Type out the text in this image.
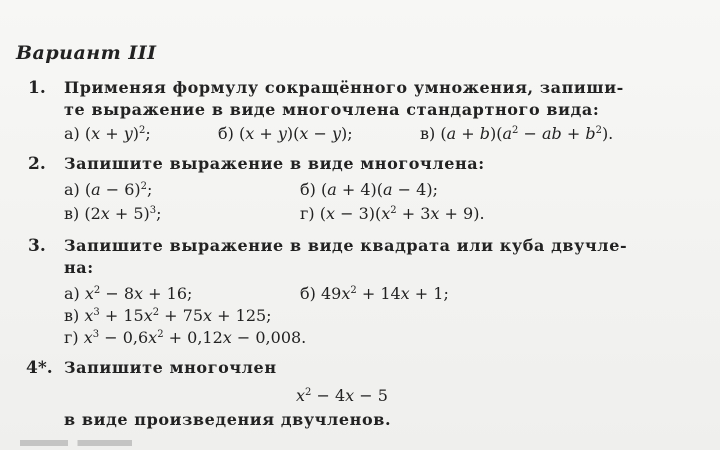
Вариант III
1. Применяя формулу сокращённого умножения, запиши-
те выражение в виде многочлена стандартного вида:
а) $(x + y)^2$;	б) (x + y)(x − y);	в) $(a + b)(a^2$ − ab + $b^2$).
2. Запишите выражение в виде многочлена:
а) $(a - 6)^2$;	б) (a + 4)(a − 4);
в) $(2x + 5)^3$;	г) $(x - 3)(x^2 + 3x + 9)$.
3. Запишите выражение в виде квадрата или куба двучле-
на:
а) $x^2 - 8x + 16$;	б) $49x^2 + 14x + 1$;
в) $x^3 + 15x^2 + 75x + 125$;
г) $x^3 - 0,6x^2 + 0,12x - 0,008$.
4*. Запишите многочлен
$x^2 - 4x - 5$
в виде произведения двучленов.
